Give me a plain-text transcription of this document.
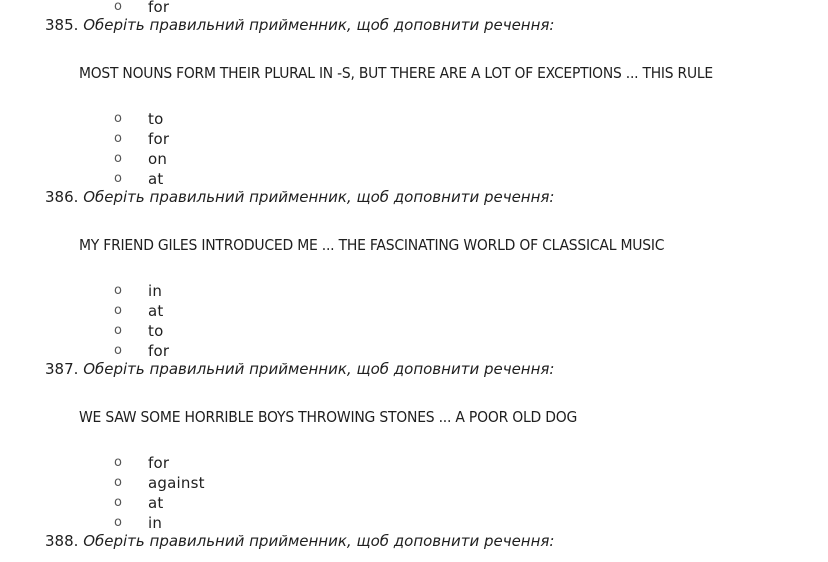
o for
385. Оберіть правильний прийменник, щоб доповнити речення:
MOST NOUNS FORM THEIR PLURAL IN -S, BUT THERE ARE A LOT OF EXCEPTIONS ... THIS RULE
o to
o for
o on
o at
386. Оберіть правильний прийменник, щоб доповнити речення:
MY FRIEND GILES INTRODUCED ME ... THE FASCINATING WORLD OF CLASSICAL MUSIC
o in
o at
o to
o for
387. Оберіть правильний прийменник, щоб доповнити речення:
WE SAW SOME HORRIBLE BOYS THROWING STONES ... A POOR OLD DOG
o for
o against
o at
o in
388. Оберіть правильний прийменник, щоб доповнити речення:
